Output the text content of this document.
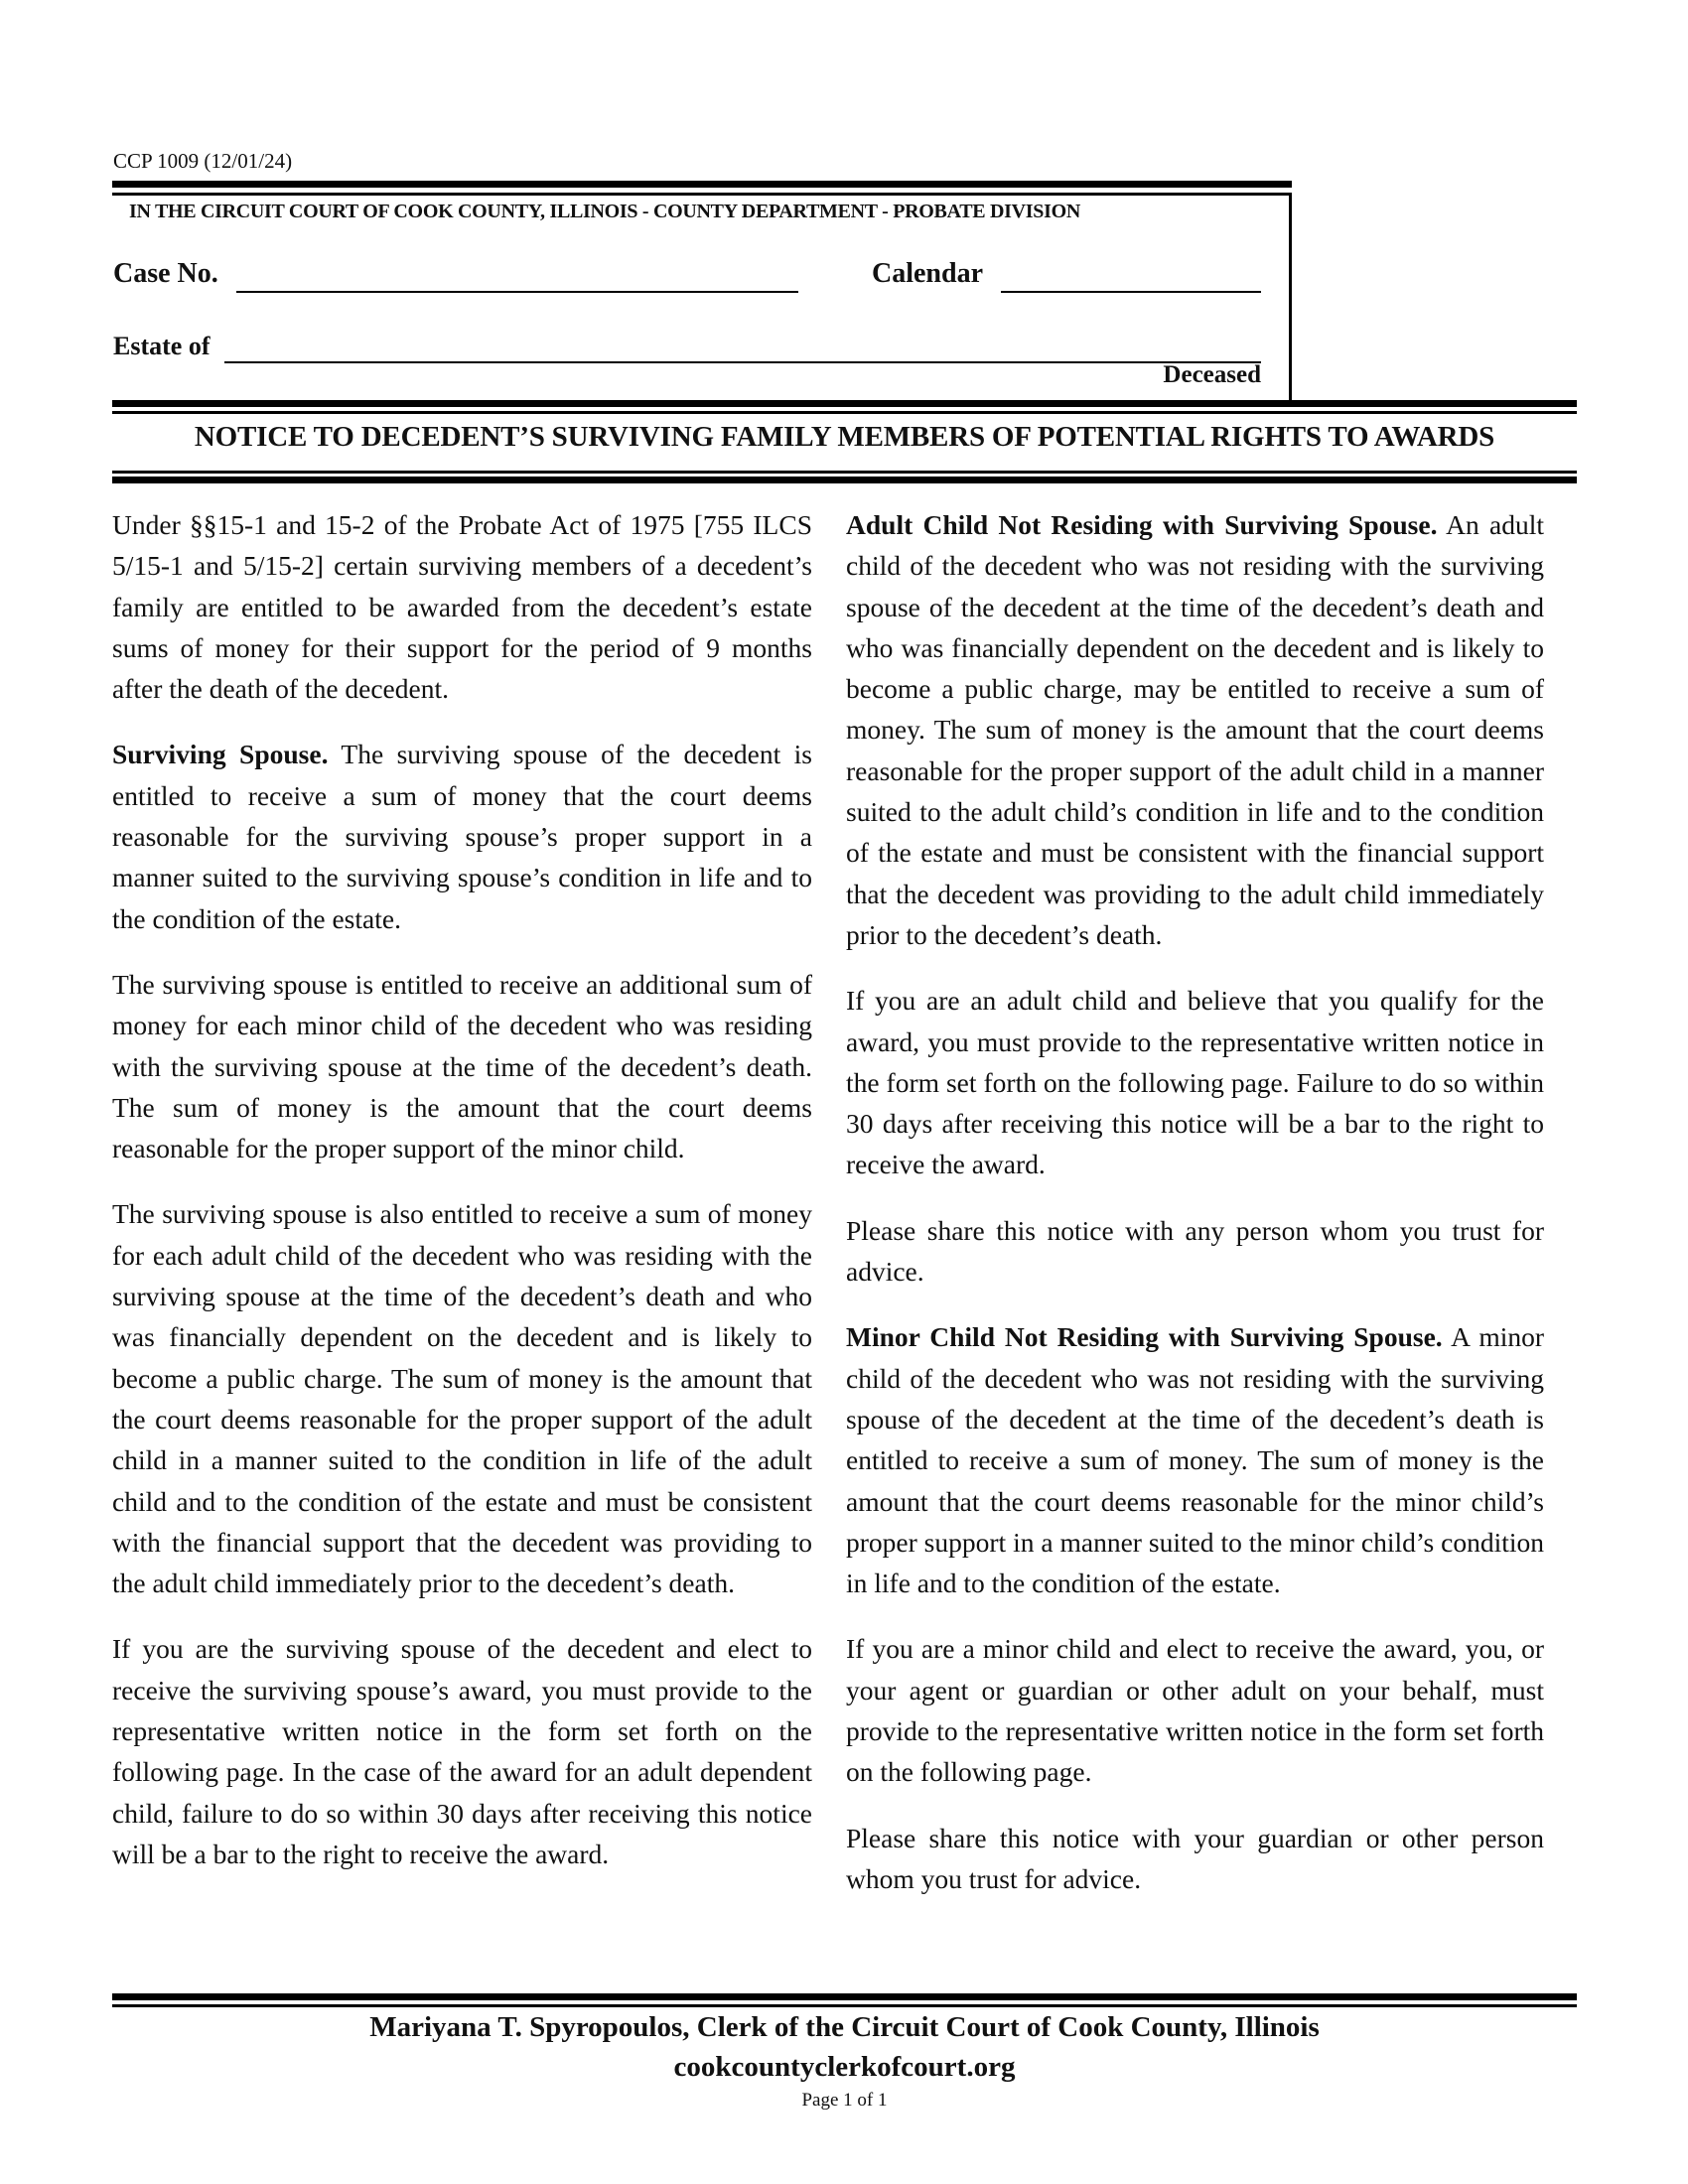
CCP 1009 (12/01/24)
IN THE CIRCUIT COURT OF COOK COUNTY, ILLINOIS - COUNTY DEPARTMENT - PROBATE DIVISION
Case No.	Calendar
Estate of
Deceased
NOTICE TO DECEDENT’S SURVIVING FAMILY MEMBERS OF POTENTIAL RIGHTS TO AWARDS

Under §§15-1 and 15-2 of the Probate Act of 1975 [755 ILCS 5/15-1 and 5/15-2] certain surviving members of a decedent’s family are entitled to be awarded from the decedent’s estate sums of money for their support for the period of 9 months after the death of the decedent.

Surviving Spouse. The surviving spouse of the decedent is entitled to receive a sum of money that the court deems reasonable for the surviving spouse’s proper support in a manner suited to the surviving spouse’s condition in life and to the condition of the estate.

The surviving spouse is entitled to receive an additional sum of money for each minor child of the decedent who was residing with the surviving spouse at the time of the decedent’s death. The sum of money is the amount that the court deems reasonable for the proper support of the minor child.

The surviving spouse is also entitled to receive a sum of money for each adult child of the decedent who was residing with the surviving spouse at the time of the decedent’s death and who was financially dependent on the decedent and is likely to become a public charge. The sum of money is the amount that the court deems reasonable for the proper support of the adult child in a manner suited to the condition in life of the adult child and to the condition of the estate and must be consistent with the financial support that the decedent was providing to the adult child immediately prior to the decedent’s death.

If you are the surviving spouse of the decedent and elect to receive the surviving spouse’s award, you must provide to the representative written notice in the form set forth on the following page. In the case of the award for an adult dependent child, failure to do so within 30 days after receiving this notice will be a bar to the right to receive the award.

Adult Child Not Residing with Surviving Spouse. An adult child of the decedent who was not residing with the surviving spouse of the decedent at the time of the decedent’s death and who was financially dependent on the decedent and is likely to become a public charge, may be entitled to receive a sum of money. The sum of money is the amount that the court deems reasonable for the proper support of the adult child in a manner suited to the adult child’s condition in life and to the condition of the estate and must be consistent with the financial support that the decedent was providing to the adult child immediately prior to the decedent’s death.

If you are an adult child and believe that you qualify for the award, you must provide to the representative written notice in the form set forth on the following page. Failure to do so within 30 days after receiving this notice will be a bar to the right to receive the award.

Please share this notice with any person whom you trust for advice.

Minor Child Not Residing with Surviving Spouse. A minor child of the decedent who was not residing with the surviving spouse of the decedent at the time of the decedent’s death is entitled to receive a sum of money. The sum of money is the amount that the court deems reasonable for the minor child’s proper support in a manner suited to the minor child’s condition in life and to the condition of the estate.

If you are a minor child and elect to receive the award, you, or your agent or guardian or other adult on your behalf, must provide to the representative written notice in the form set forth on the following page.

Please share this notice with your guardian or other person whom you trust for advice.

Mariyana T. Spyropoulos, Clerk of the Circuit Court of Cook County, Illinois
cookcountyclerkofcourt.org
Page 1 of 1
